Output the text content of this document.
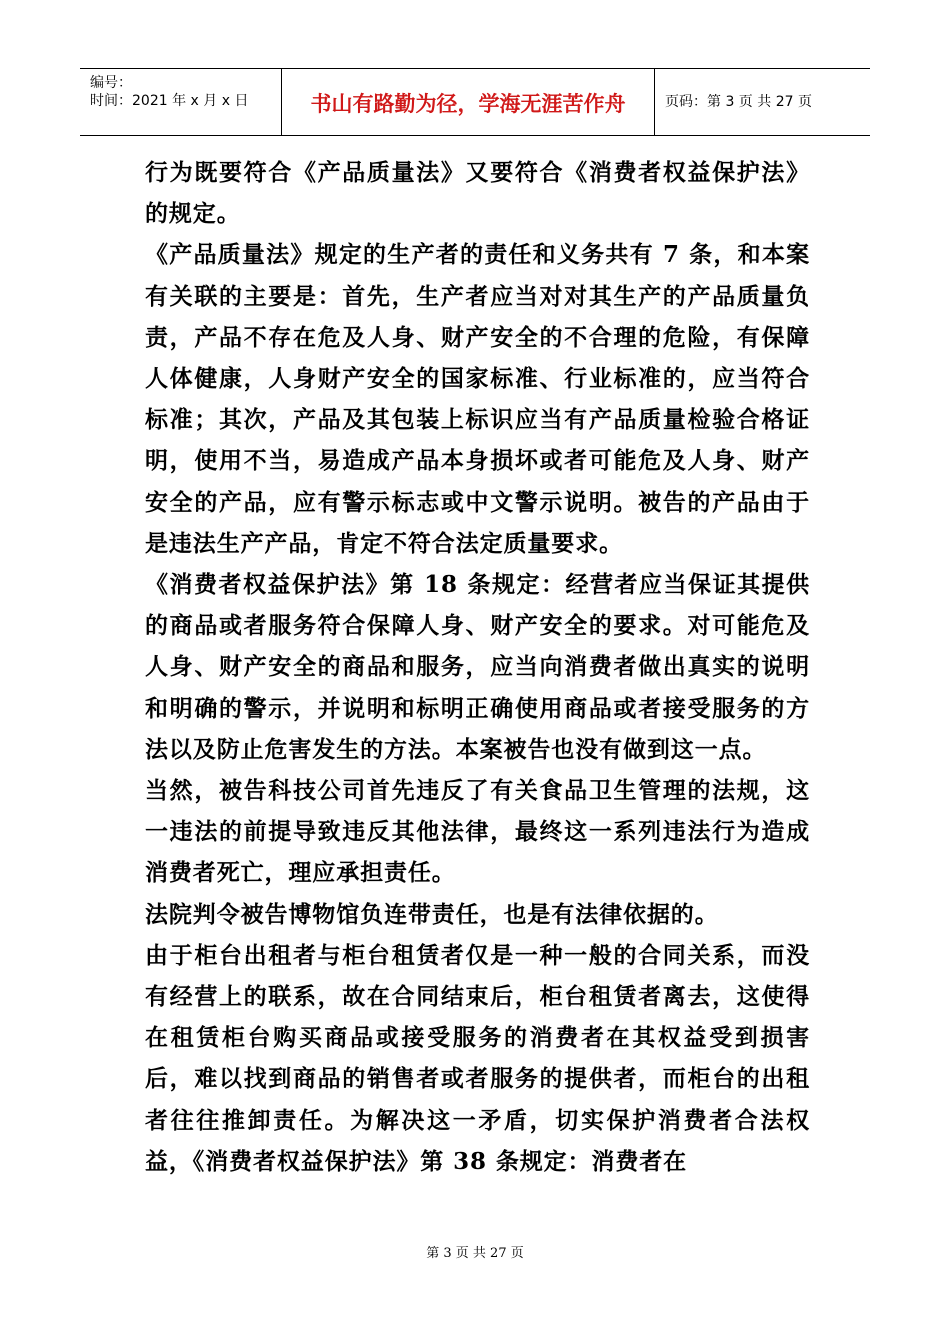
编号：
时间：2021 年 x 月 x 日	书山有路勤为径，学海无涯苦作舟	页码：第 3 页 共 27 页

行为既要符合《产品质量法》又要符合《消费者权益保护法》的规定。

《产品质量法》规定的生产者的责任和义务共有 7 条，和本案有关联的主要是：首先，生产者应当对对其生产的产品质量负责，产品不存在危及人身、财产安全的不合理的危险，有保障人体健康，人身财产安全的国家标准、行业标准的，应当符合标准；其次，产品及其包装上标识应当有产品质量检验合格证明，使用不当，易造成产品本身损坏或者可能危及人身、财产安全的产品，应有警示标志或中文警示说明。被告的产品由于是违法生产产品，肯定不符合法定质量要求。

《消费者权益保护法》第 18 条规定：经营者应当保证其提供的商品或者服务符合保障人身、财产安全的要求。对可能危及人身、财产安全的商品和服务，应当向消费者做出真实的说明和明确的警示，并说明和标明正确使用商品或者接受服务的方法以及防止危害发生的方法。本案被告也没有做到这一点。

当然，被告科技公司首先违反了有关食品卫生管理的法规，这一违法的前提导致违反其他法律，最终这一系列违法行为造成消费者死亡，理应承担责任。

法院判令被告博物馆负连带责任，也是有法律依据的。

由于柜台出租者与柜台租赁者仅是一种一般的合同关系，而没有经营上的联系，故在合同结束后，柜台租赁者离去，这使得在租赁柜台购买商品或接受服务的消费者在其权益受到损害后，难以找到商品的销售者或者服务的提供者，而柜台的出租者往往推卸责任。为解决这一矛盾，切实保护消费者合法权益，《消费者权益保护法》第 38 条规定：消费者在

第 3 页 共 27 页
